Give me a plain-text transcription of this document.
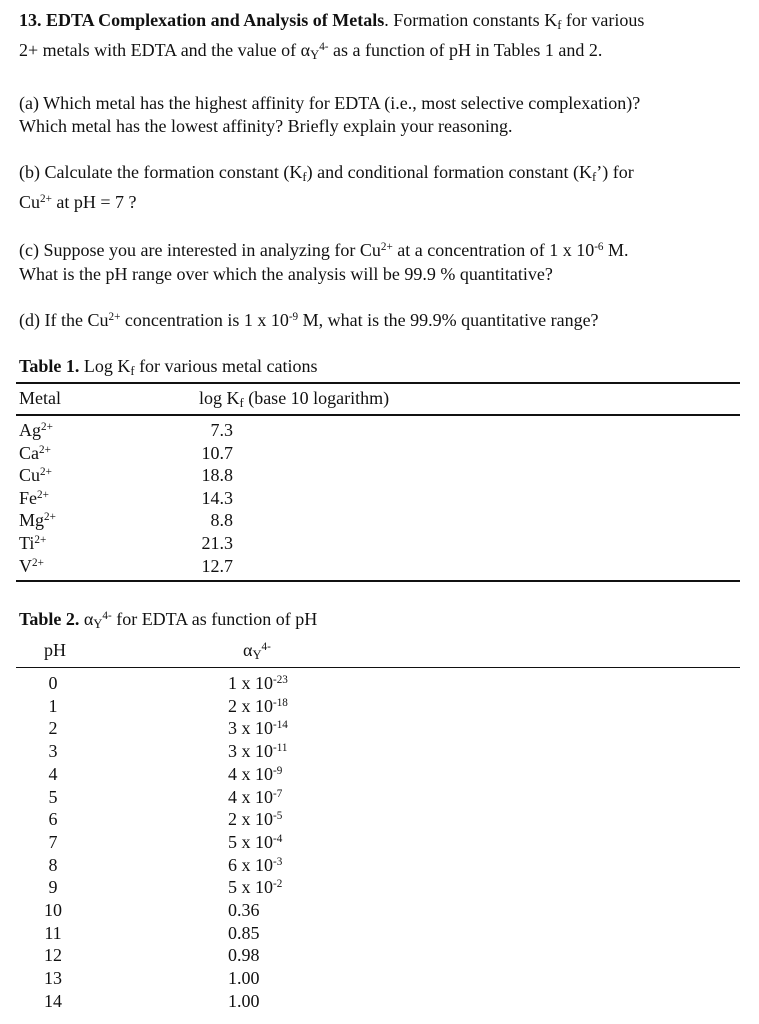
13. EDTA Complexation and Analysis of Metals. Formation constants $K_f$ for various
2+ metals with EDTA and the value of $\alpha_Y^{4-}$ as a function of pH in Tables 1 and 2.
(a) Which metal has the highest affinity for EDTA (i.e., most selective complexation)?
Which metal has the lowest affinity? Briefly explain your reasoning.
(b) Calculate the formation constant $(K_f)$ and conditional formation constant $(K_f’)$ for
$Cu^{2+}$ at pH = 7 ?
(c) Suppose you are interested in analyzing for $Cu^{2+}$ at a concentration of 1 x $10^{-6}$ M.
What is the pH range over which the analysis will be 99.9 % quantitative?
(d) If the $Cu^{2+}$ concentration is 1 x $10^{-9}$ M, what is the 99.9% quantitative range?
Table 1. Log $K_f$ for various metal cations
Metal	$\log K_f$ (base 10 logarithm)
$Ag^{2+}$	7.3
$Ca^{2+}$	10.7
$Cu^{2+}$	18.8
$Fe^{2+}$	14.3
$Mg^{2+}$	8.8
$Ti^{2+}$	21.3
$V^{2+}$	12.7
Table 2. $\alpha_Y^{4-}$ for EDTA as function of pH
pH	$\alpha_Y^{4-}$
0	1 x $10^{-23}$
1	2 x $10^{-18}$
2	3 x $10^{-14}$
3	3 x $10^{-11}$
4	4 x $10^{-9}$
5	4 x $10^{-7}$
6	2 x $10^{-5}$
7	5 x $10^{-4}$
8	6 x $10^{-3}$
9	5 x $10^{-2}$
10	0.36
11	0.85
12	0.98
13	1.00
14	1.00
